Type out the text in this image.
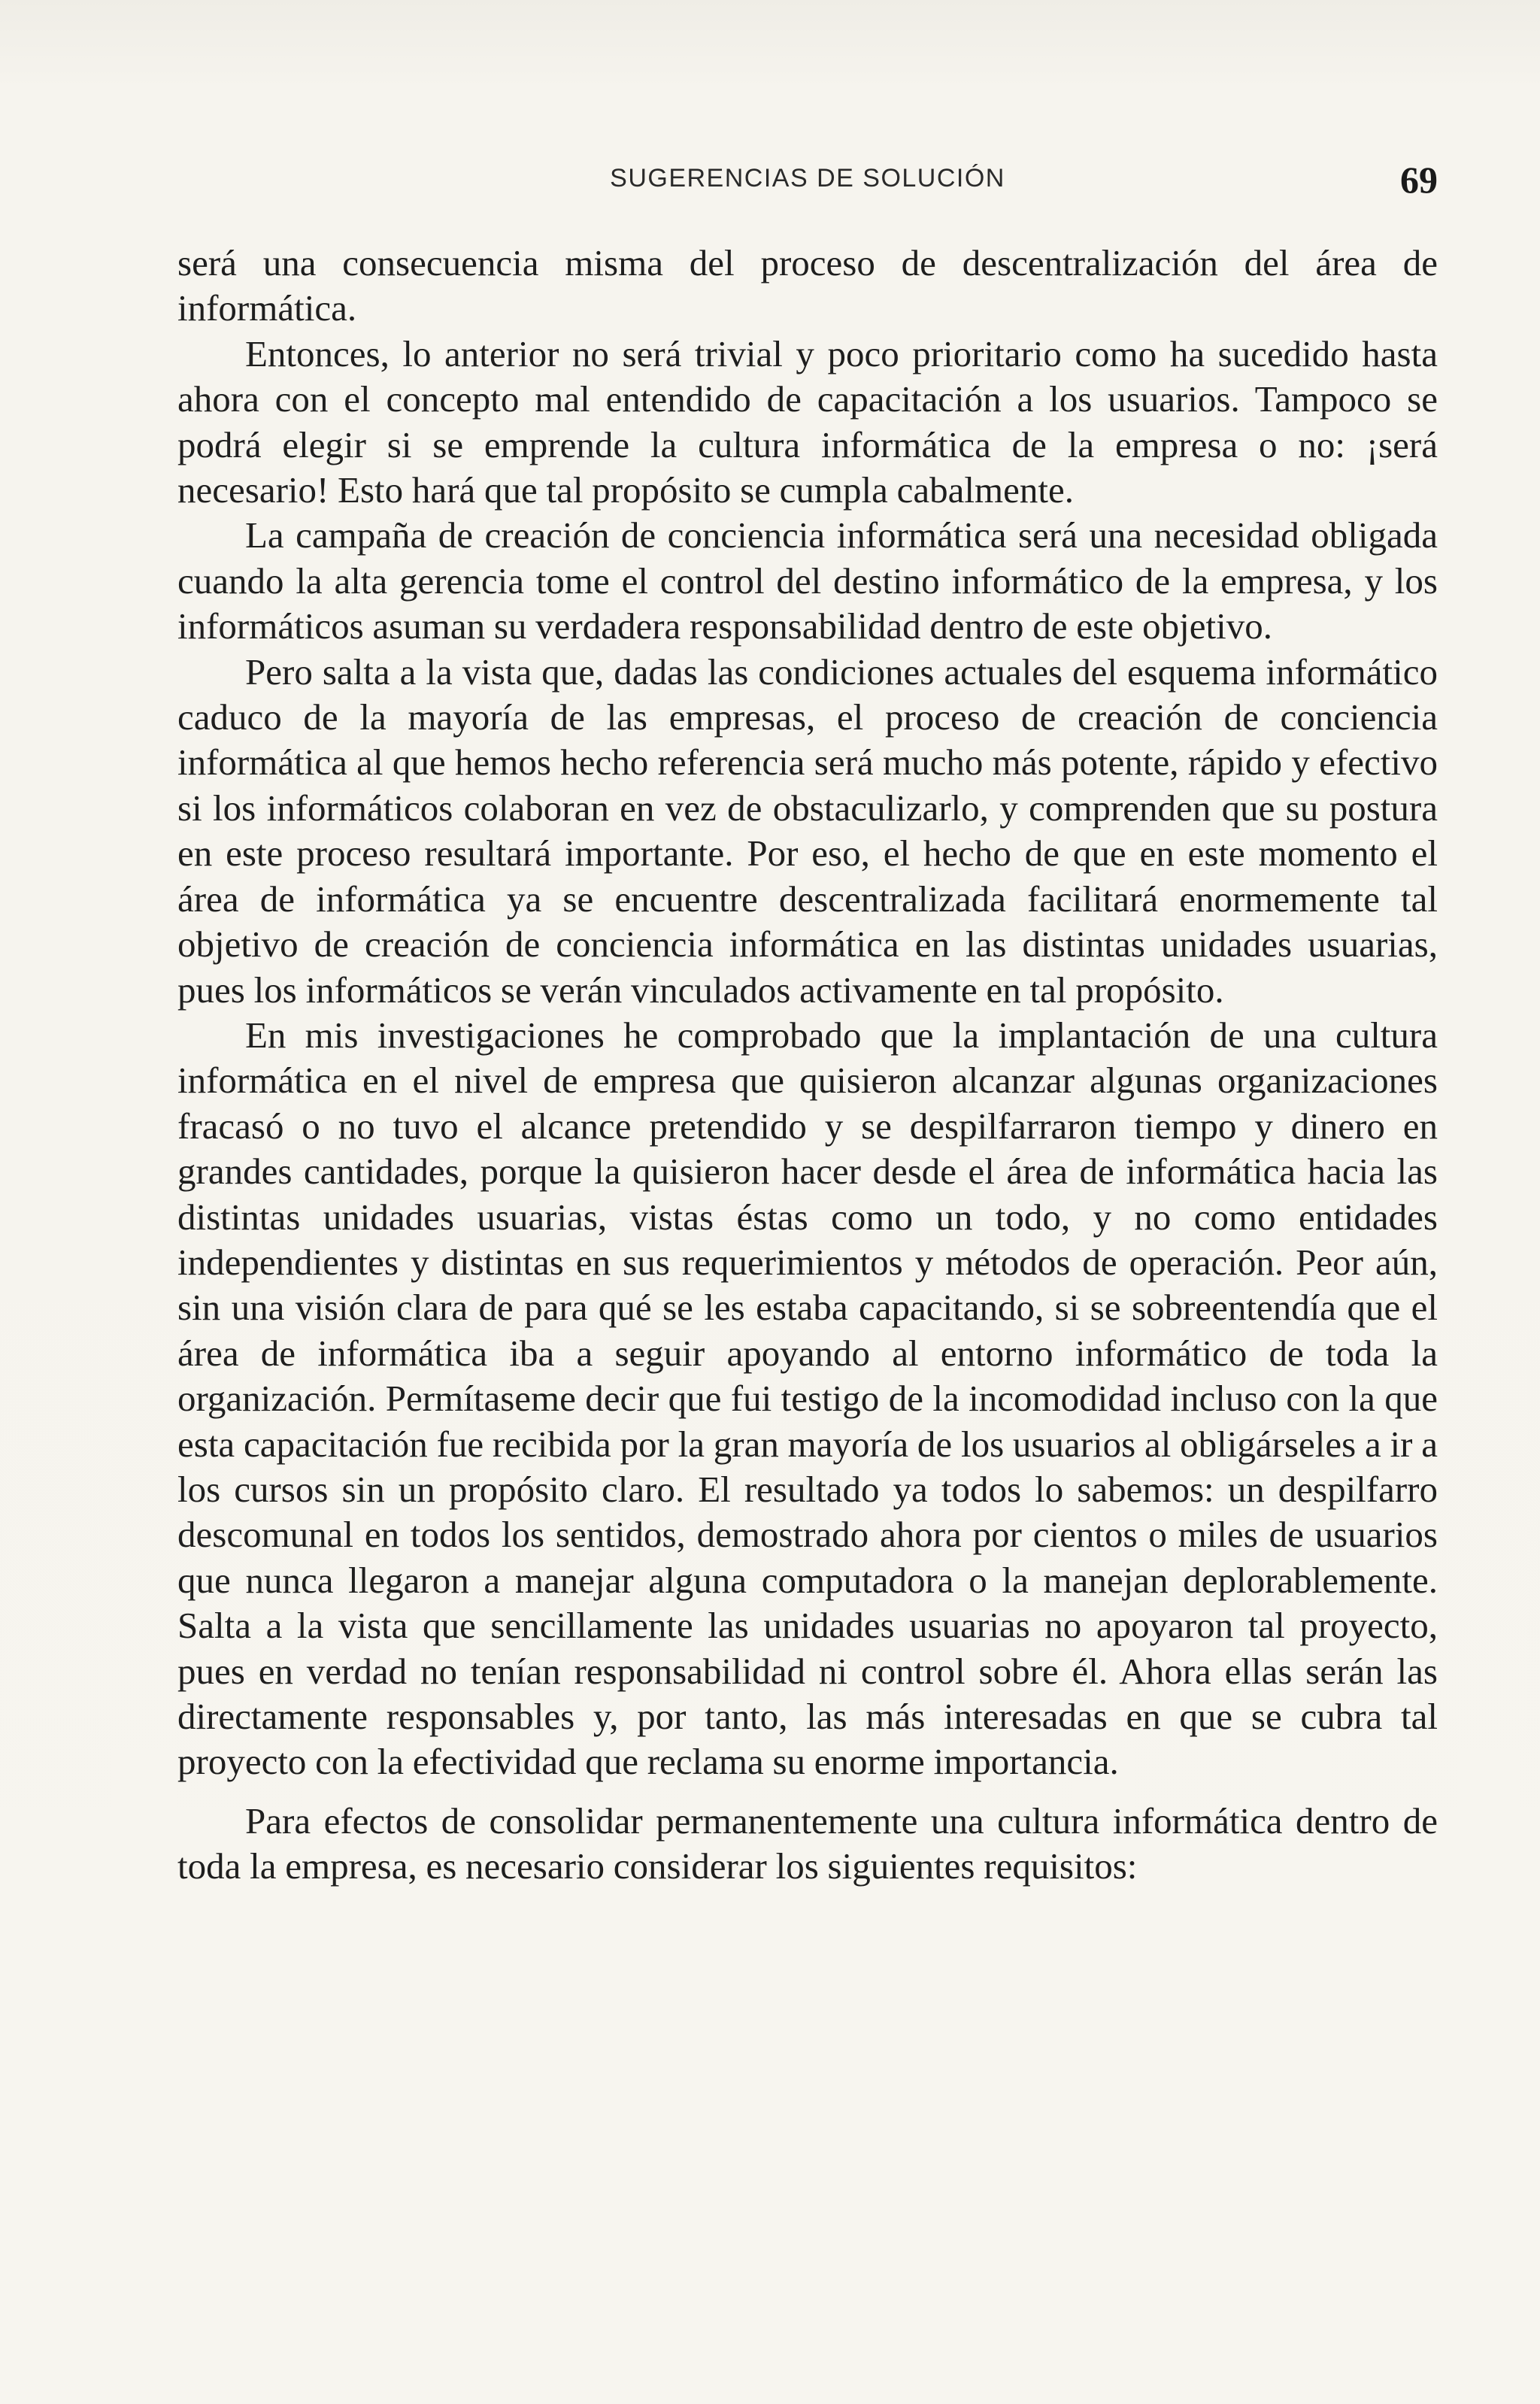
SUGERENCIAS DE SOLUCIÓN	69

será una consecuencia misma del proceso de descentralización del área de informática.

Entonces, lo anterior no será trivial y poco prioritario como ha sucedido hasta ahora con el concepto mal entendido de capacitación a los usuarios. Tampoco se podrá elegir si se emprende la cultura informática de la empresa o no: ¡será necesario! Esto hará que tal propósito se cumpla cabalmente.

La campaña de creación de conciencia informática será una necesidad obligada cuando la alta gerencia tome el control del destino informático de la empresa, y los informáticos asuman su verdadera responsabilidad dentro de este objetivo.

Pero salta a la vista que, dadas las condiciones actuales del esquema informático caduco de la mayoría de las empresas, el proceso de creación de conciencia informática al que hemos hecho referencia será mucho más potente, rápido y efectivo si los informáticos colaboran en vez de obstaculizarlo, y comprenden que su postura en este proceso resultará importante. Por eso, el hecho de que en este momento el área de informática ya se encuentre descentralizada facilitará enormemente tal objetivo de creación de conciencia informática en las distintas unidades usuarias, pues los informáticos se verán vinculados activamente en tal propósito.

En mis investigaciones he comprobado que la implantación de una cultura informática en el nivel de empresa que quisieron alcanzar algunas organizaciones fracasó o no tuvo el alcance pretendido y se despilfarraron tiempo y dinero en grandes cantidades, porque la quisieron hacer desde el área de informática hacia las distintas unidades usuarias, vistas éstas como un todo, y no como entidades independientes y distintas en sus requerimientos y métodos de operación. Peor aún, sin una visión clara de para qué se les estaba capacitando, si se sobreentendía que el área de informática iba a seguir apoyando al entorno informático de toda la organización. Permítaseme decir que fui testigo de la incomodidad incluso con la que esta capacitación fue recibida por la gran mayoría de los usuarios al obligárseles a ir a los cursos sin un propósito claro. El resultado ya todos lo sabemos: un despilfarro descomunal en todos los sentidos, demostrado ahora por cientos o miles de usuarios que nunca llegaron a manejar alguna computadora o la manejan deplorablemente. Salta a la vista que sencillamente las unidades usuarias no apoyaron tal proyecto, pues en verdad no tenían responsabilidad ni control sobre él. Ahora ellas serán las directamente responsables y, por tanto, las más interesadas en que se cubra tal proyecto con la efectividad que reclama su enorme importancia.

Para efectos de consolidar permanentemente una cultura informática dentro de toda la empresa, es necesario considerar los siguientes requisitos:
